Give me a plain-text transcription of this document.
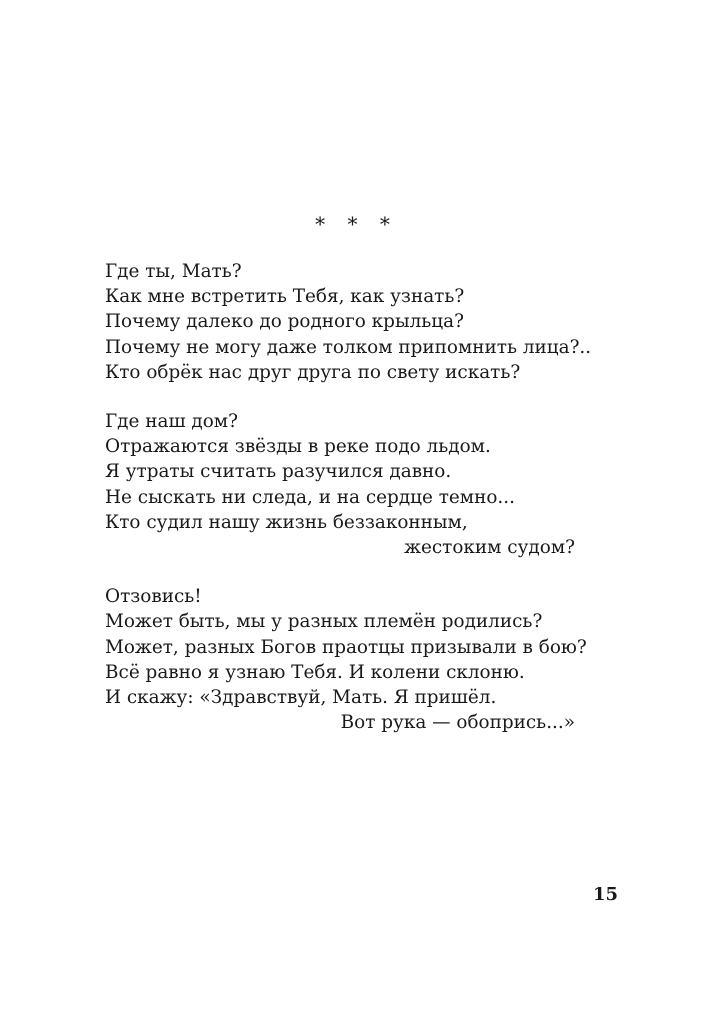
* * *
Где ты, Мать?
Как мне встретить Тебя, как узнать?
Почему далеко до родного крыльца?
Почему не могу даже толком припомнить лица?..
Кто обрёк нас друг друга по свету искать?
Где наш дом?
Отражаются звёзды в реке подо льдом.
Я утраты считать разучился давно.
Не сыскать ни следа, и на сердце темно...
Кто судил нашу жизнь беззаконным,
жестоким судом?
Отзовись!
Может быть, мы у разных племён родились?
Может, разных Богов праотцы призывали в бою?
Всё равно я узнаю Тебя. И колени склоню.
И скажу: «Здравствуй, Мать. Я пришёл.
Вот рука — обопрись...»
15
